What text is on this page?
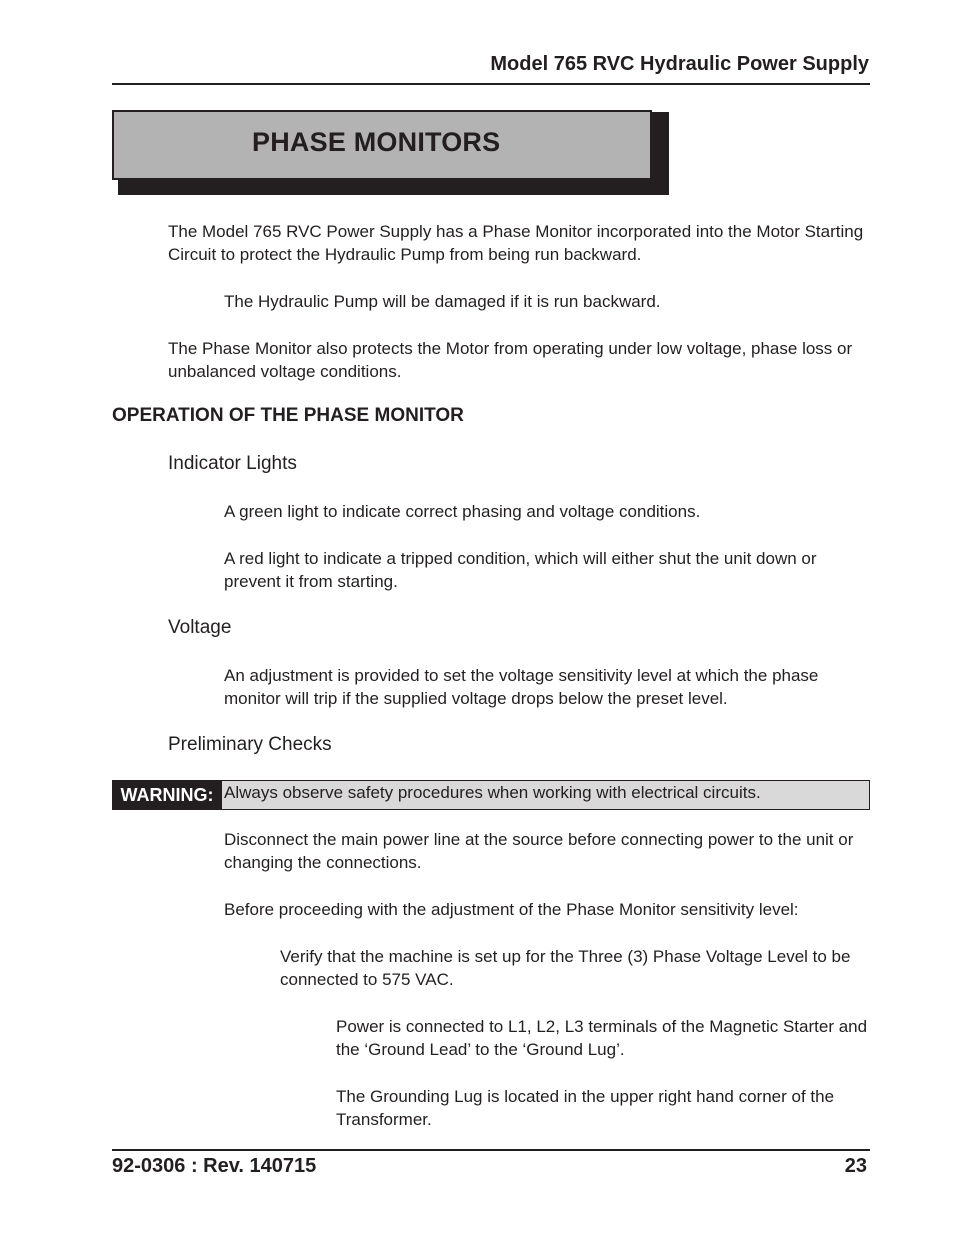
Model 765 RVC Hydraulic Power Supply
PHASE MONITORS
The Model 765 RVC Power Supply has a Phase Monitor incorporated into the Motor Starting Circuit to protect the Hydraulic Pump from being run backward.
The Hydraulic Pump will be damaged if it is run backward.
The Phase Monitor also protects the Motor from operating under low voltage, phase loss or unbalanced voltage conditions.
OPERATION OF THE PHASE MONITOR
Indicator Lights
A green light to indicate correct phasing and voltage conditions.
A red light to indicate a tripped condition, which will either shut the unit down or prevent it from starting.
Voltage
An adjustment is provided to set the voltage sensitivity level at which the phase monitor will trip if the supplied voltage drops below the preset level.
Preliminary Checks
WARNING: Always observe safety procedures when working with electrical circuits.
Disconnect the main power line at the source before connecting power to the unit or changing the connections.
Before proceeding with the adjustment of the Phase Monitor sensitivity level:
Verify that the machine is set up for the Three (3) Phase Voltage Level to be connected to 575 VAC.
Power is connected to L1, L2, L3 terminals of the Magnetic Starter and the ‘Ground Lead’ to the ‘Ground Lug’.
The Grounding Lug is located in the upper right hand corner of the Transformer.
92-0306 : Rev. 140715	23
